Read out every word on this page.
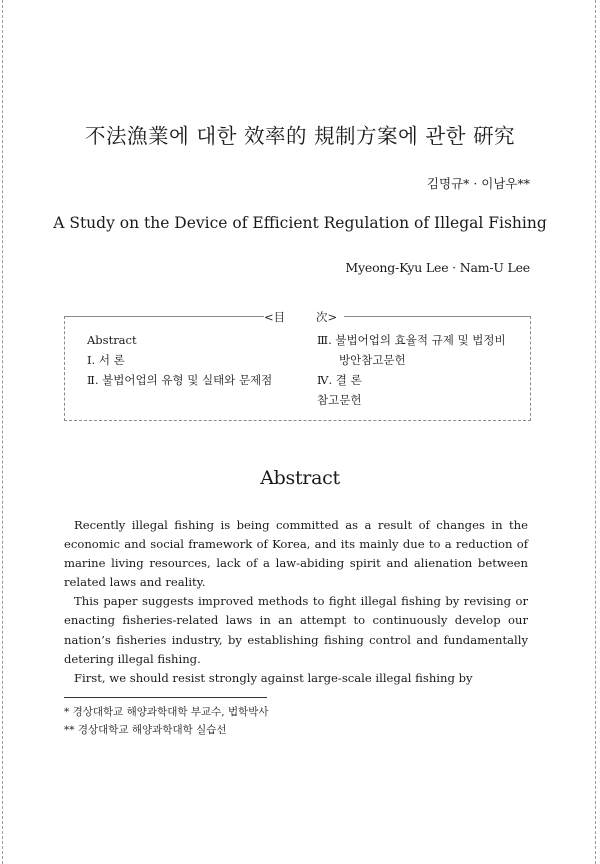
不法漁業에 대한 效率的 規制方案에 관한 硏究
김명규* · 이남우**
A Study on the Device of Efficient Regulation of Illegal Fishing
Myeong-Kyu Lee · Nam-U Lee
<目	次>
Abstract
Ⅰ. 서 론
Ⅱ. 불법어업의 유형 및 실태와 문제점
Ⅲ. 불법어업의 효율적 규제 및 법정비
방안참고문헌
Ⅳ. 결 론
참고문헌
Abstract

Recently illegal fishing is being committed as a result of changes in the economic and social framework of Korea, and its mainly due to a reduction of marine living resources, lack of a law-abiding spirit and alienation between related laws and reality.

This paper suggests improved methods to fight illegal fishing by revising or enacting fisheries-related laws in an attempt to continuously develop our nation’s fisheries industry, by establishing fishing control and fundamentally detering illegal fishing.

First, we should resist strongly against large-scale illegal fishing by

* 경상대학교 해양과학대학 부교수, 법학박사
** 경상대학교 해양과학대학 실습선
